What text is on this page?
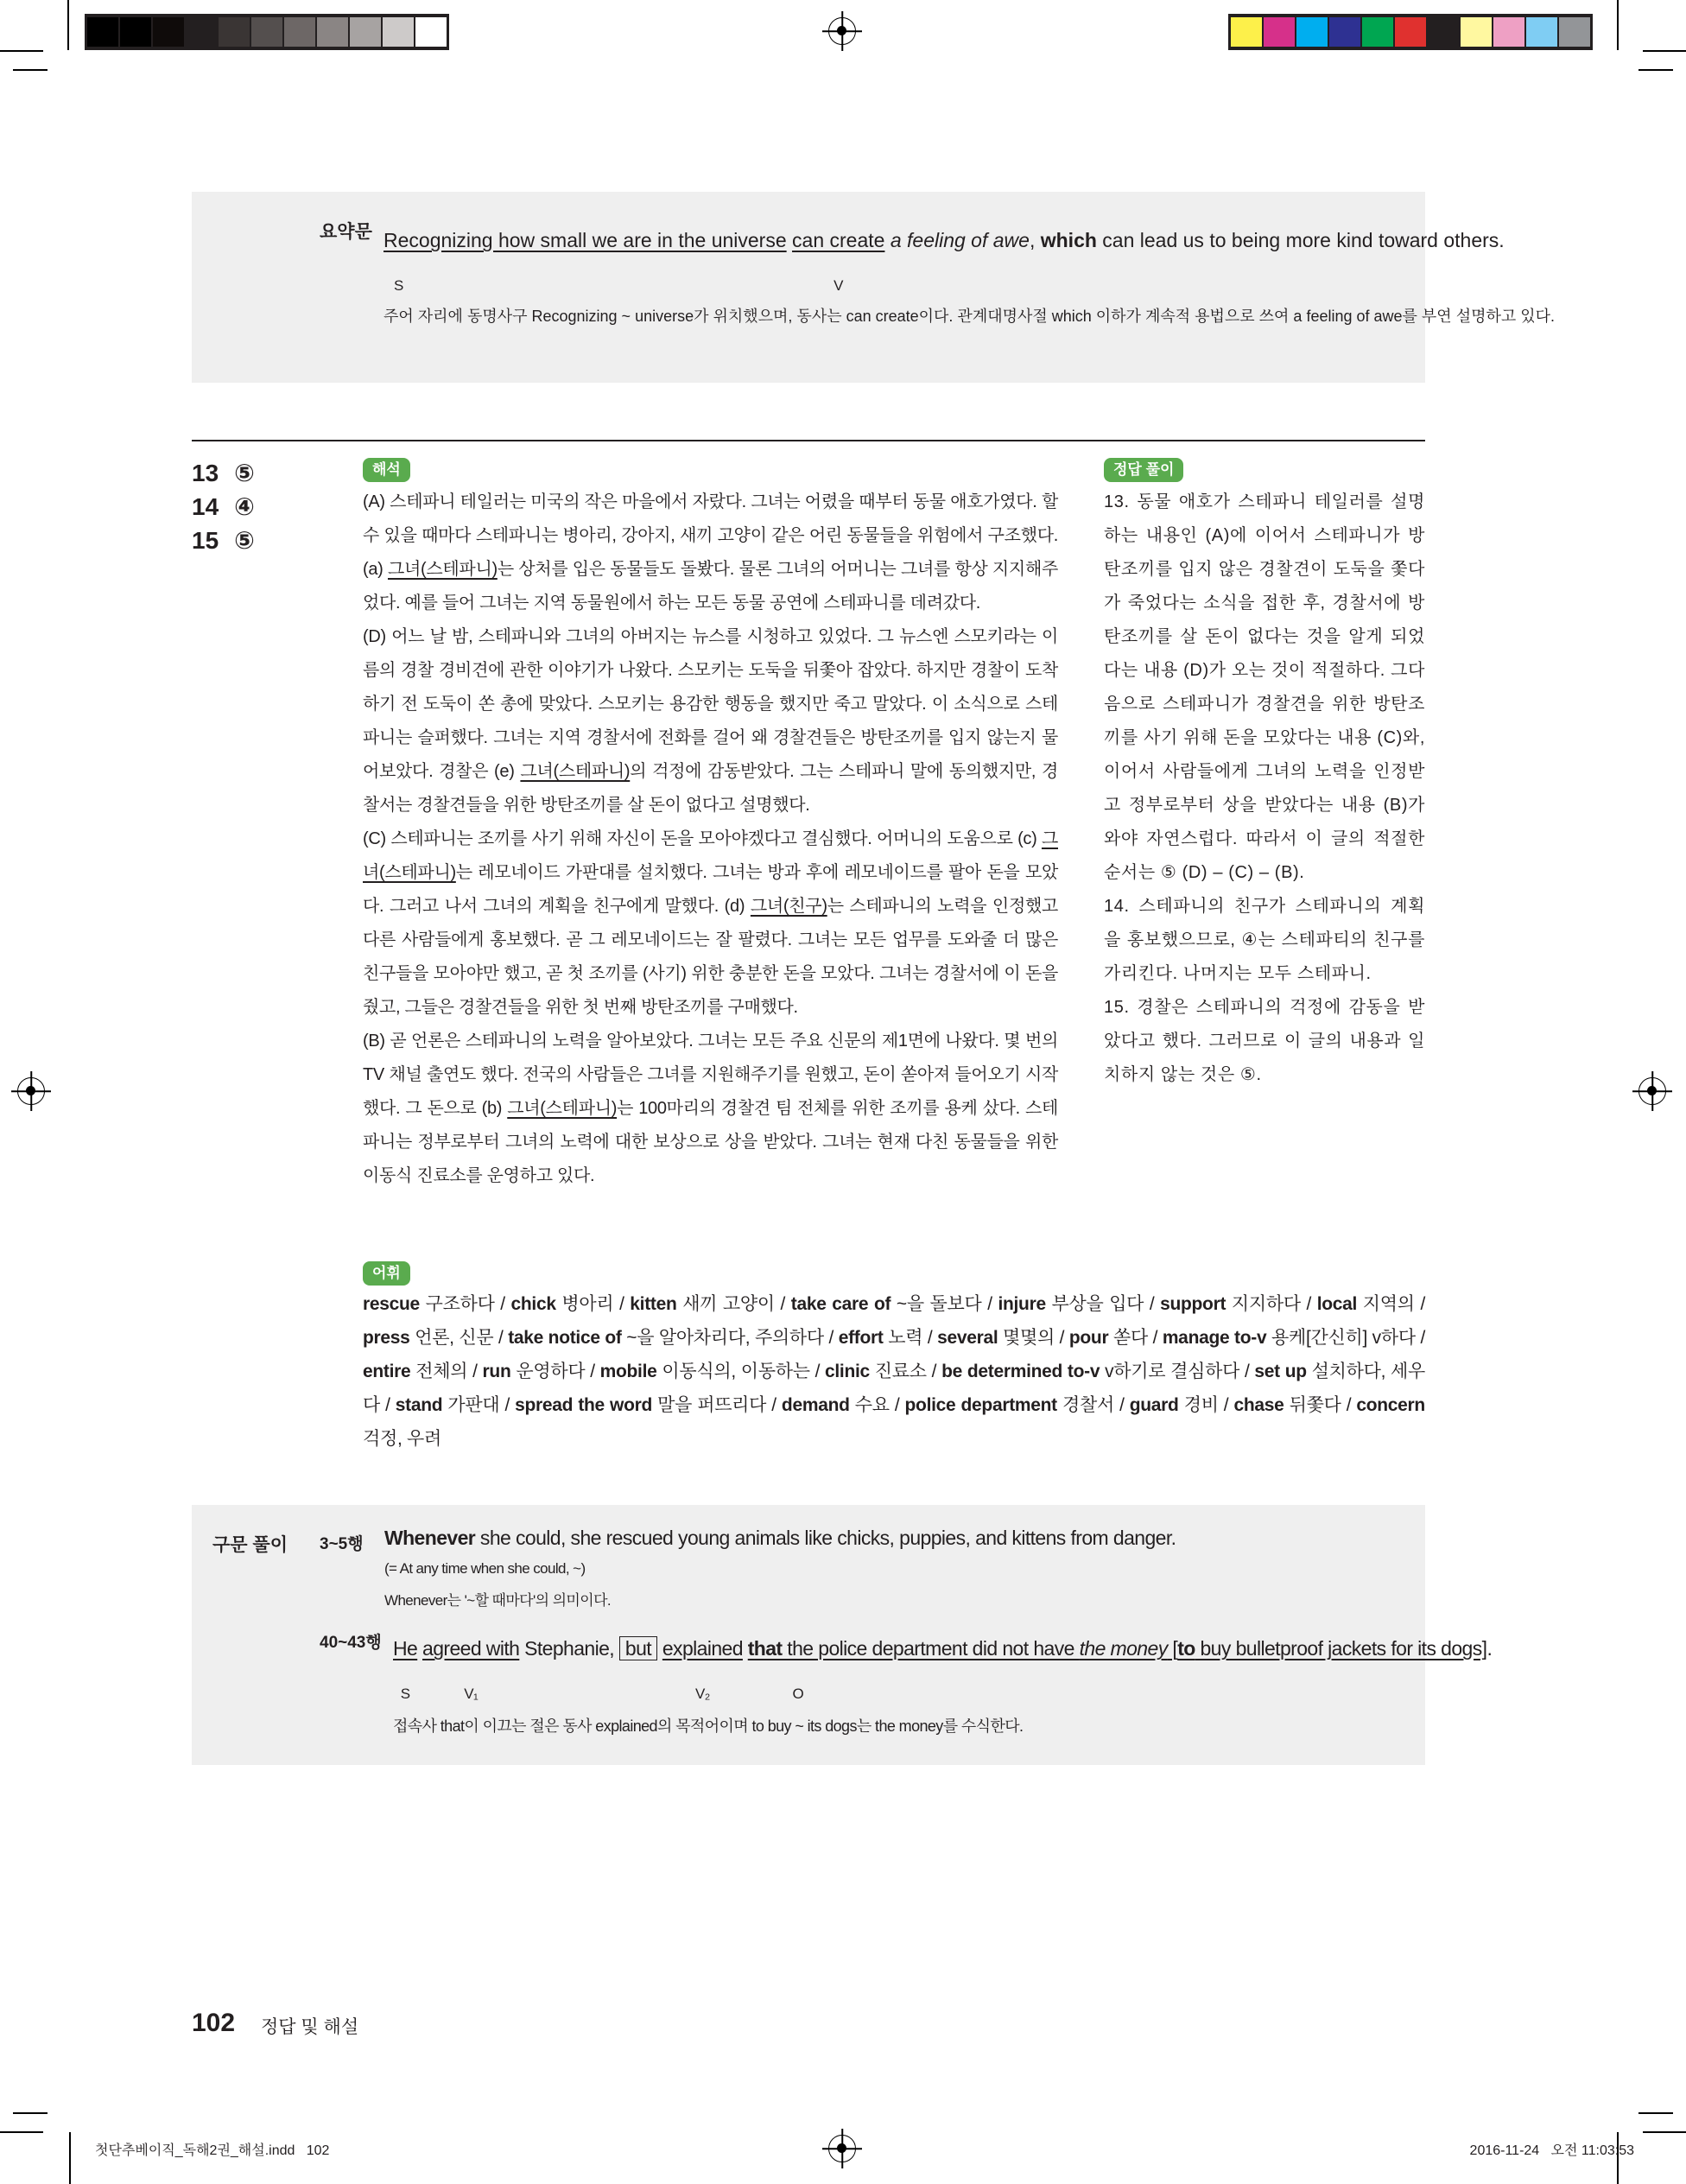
요약문 Recognizing how small we are in the universe
S
can create
V
a feeling of awe, which can lead us to being more kind toward others.
주어 자리에 동명사구 Recognizing ~ universe가 위치했으며, 동사는 can create이다. 관계대명사절 which 이하가 계속적 용법으로 쓰여 a feeling of awe를 부연 설명하고 있다.
13 ⑤
14 ④
15 ⑤
해석
(A) 스테파니 테일러는 미국의 작은 마을에서 자랐다. 그녀는 어렸을 때부터 동물 애호가였다. 할 수 있을 때마다 스테파니는 병아리, 강아지, 새끼 고양이 같은 어린 동물들을 위험에서 구조했다. (a) 그녀(스테파니)는 상처를 입은 동물들도 돌봤다. 물론 그녀의 어머니는 그녀를 항상 지지해주었다. 예를 들어 그녀는 지역 동물원에서 하는 모든 동물 공연에 스테파니를 데려갔다.
(D) 어느 날 밤, 스테파니와 그녀의 아버지는 뉴스를 시청하고 있었다. 그 뉴스엔 스모키라는 이름의 경찰 경비견에 관한 이야기가 나왔다. 스모키는 도둑을 뒤쫓아 잡았다. 하지만 경찰이 도착하기 전 도둑이 쏜 총에 맞았다. 스모키는 용감한 행동을 했지만 죽고 말았다. 이 소식으로 스테파니는 슬퍼했다. 그녀는 지역 경찰서에 전화를 걸어 왜 경찰견들은 방탄조끼를 입지 않는지 물어보았다. 경찰은 (e) 그녀(스테파니)의 걱정에 감동받았다. 그는 스테파니 말에 동의했지만, 경찰서는 경찰견들을 위한 방탄조끼를 살 돈이 없다고 설명했다.
(C) 스테파니는 조끼를 사기 위해 자신이 돈을 모아야겠다고 결심했다. 어머니의 도움으로 (c) 그녀(스테파니)는 레모네이드 가판대를 설치했다. 그녀는 방과 후에 레모네이드를 팔아 돈을 모았다. 그러고 나서 그녀의 계획을 친구에게 말했다. (d) 그녀(친구)는 스테파니의 노력을 인정했고 다른 사람들에게 홍보했다. 곧 그 레모네이드는 잘 팔렸다. 그녀는 모든 업무를 도와줄 더 많은 친구들을 모아야만 했고, 곧 첫 조끼를 (사기) 위한 충분한 돈을 모았다. 그녀는 경찰서에 이 돈을 줬고, 그들은 경찰견들을 위한 첫 번째 방탄조끼를 구매했다.
(B) 곧 언론은 스테파니의 노력을 알아보았다. 그녀는 모든 주요 신문의 제1면에 나왔다. 몇 번의 TV 채널 출연도 했다. 전국의 사람들은 그녀를 지원해주기를 원했고, 돈이 쏟아져 들어오기 시작했다. 그 돈으로 (b) 그녀(스테파니)는 100마리의 경찰견 팀 전체를 위한 조끼를 용케 샀다. 스테파니는 정부로부터 그녀의 노력에 대한 보상으로 상을 받았다. 그녀는 현재 다친 동물들을 위한 이동식 진료소를 운영하고 있다.
정답 풀이
13. 동물 애호가 스테파니 테일러를 설명하는 내용인 (A)에 이어서 스테파니가 방탄조끼를 입지 않은 경찰견이 도둑을 쫓다가 죽었다는 소식을 접한 후, 경찰서에 방탄조끼를 살 돈이 없다는 것을 알게 되었다는 내용 (D)가 오는 것이 적절하다. 그다음으로 스테파니가 경찰견을 위한 방탄조끼를 사기 위해 돈을 모았다는 내용 (C)와, 이어서 사람들에게 그녀의 노력을 인정받고 정부로부터 상을 받았다는 내용 (B)가 와야 자연스럽다. 따라서 이 글의 적절한 순서는 ⑤ (D) – (C) – (B).
14. 스테파니의 친구가 스테파니의 계획을 홍보했으므로, ④는 스테파티의 친구를 가리킨다. 나머지는 모두 스테파니.
15. 경찰은 스테파니의 걱정에 감동을 받았다고 했다. 그러므로 이 글의 내용과 일치하지 않는 것은 ⑤.
어휘
rescue 구조하다 / chick 병아리 / kitten 새끼 고양이 / take care of ~을 돌보다 / injure 부상을 입다 / support 지지하다 / local 지역의 / press 언론, 신문 / take notice of ~을 알아차리다, 주의하다 / effort 노력 / several 몇몇의 / pour 쏟다 / manage to-v 용케[간신히] v하다 / entire 전체의 / run 운영하다 / mobile 이동식의, 이동하는 / clinic 진료소 / be determined to-v v하기로 결심하다 / set up 설치하다, 세우다 / stand 가판대 / spread the word 말을 퍼뜨리다 / demand 수요 / police department 경찰서 / guard 경비 / chase 뒤쫓다 / concern 걱정, 우려
구문 풀이 3~5행 Whenever she could, she rescued young animals like chicks, puppies, and kittens from danger.
(= At any time when she could, ~)
Whenever는 '~할 때마다'의 의미이다.
40~43행 He
S
agreed with
V₁
Stephanie, but explained
V₂
that the police department did not have
O
the money [to buy bulletproof jackets for its dogs].
접속사 that이 이끄는 절은 동사 explained의 목적어이며 to buy ~ its dogs는 the money를 수식한다.
102 정답 및 해설
첫단추베이직_독해2권_해설.indd   102	2016-11-24   오전 11:03:53
